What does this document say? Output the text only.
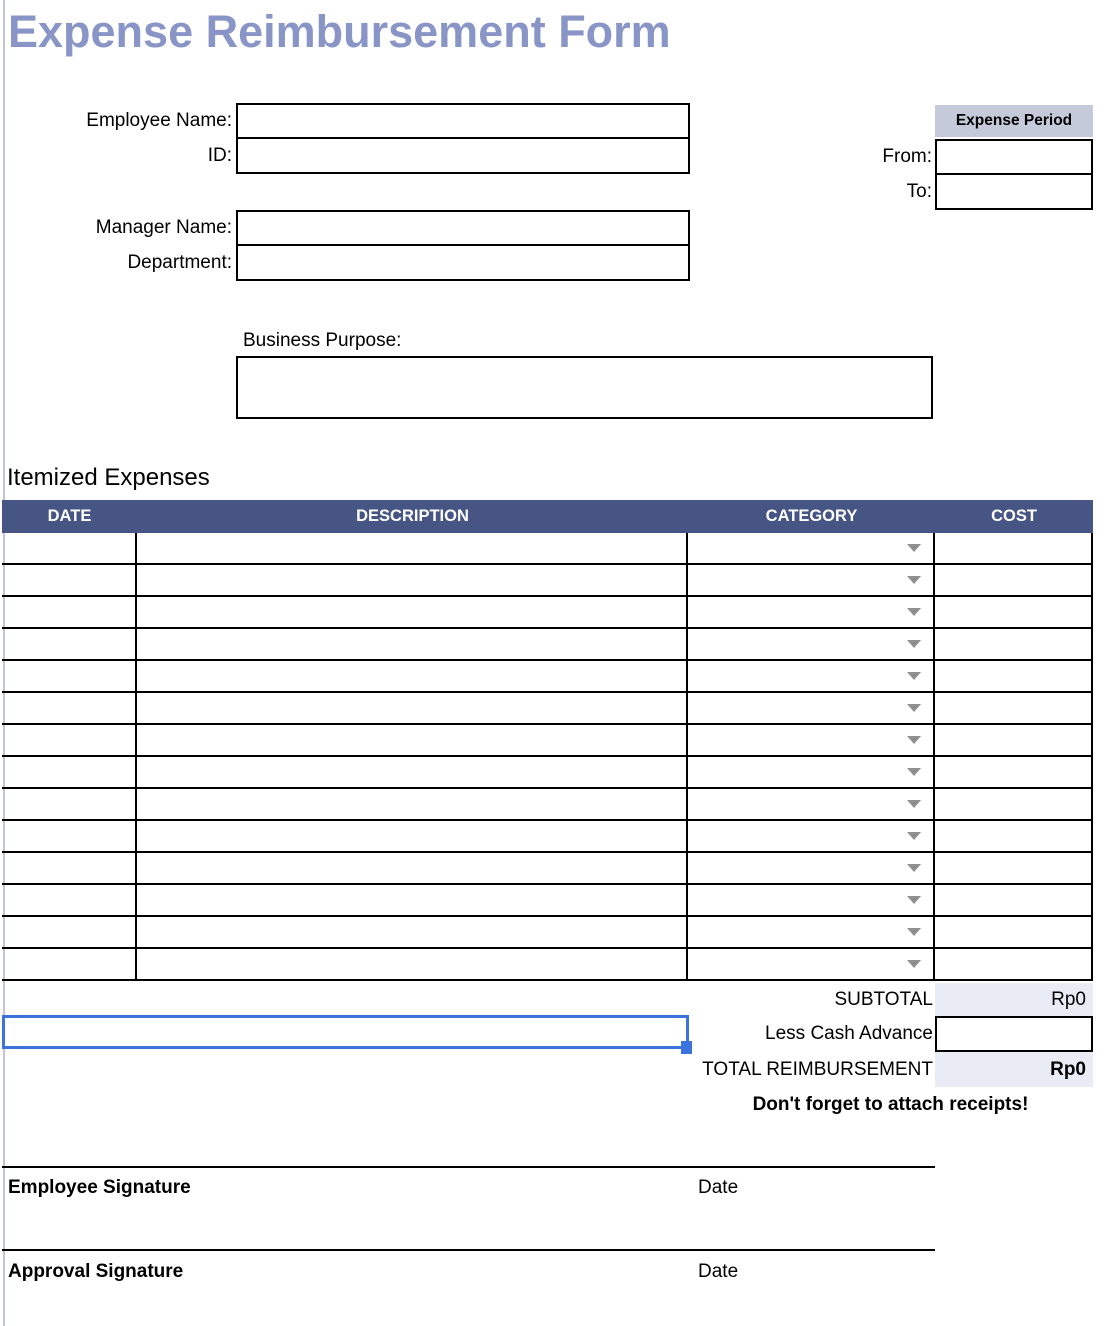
Expense Reimbursement Form
Employee Name:
ID:
Manager Name:
Department:
Expense Period
From:
To:
Business Purpose:
Itemized Expenses
DATE	DESCRIPTION	CATEGORY	COST
SUBTOTAL	Rp0
Less Cash Advance
TOTAL REIMBURSEMENT	Rp0
Don't forget to attach receipts!
Employee Signature	Date
Approval Signature	Date
